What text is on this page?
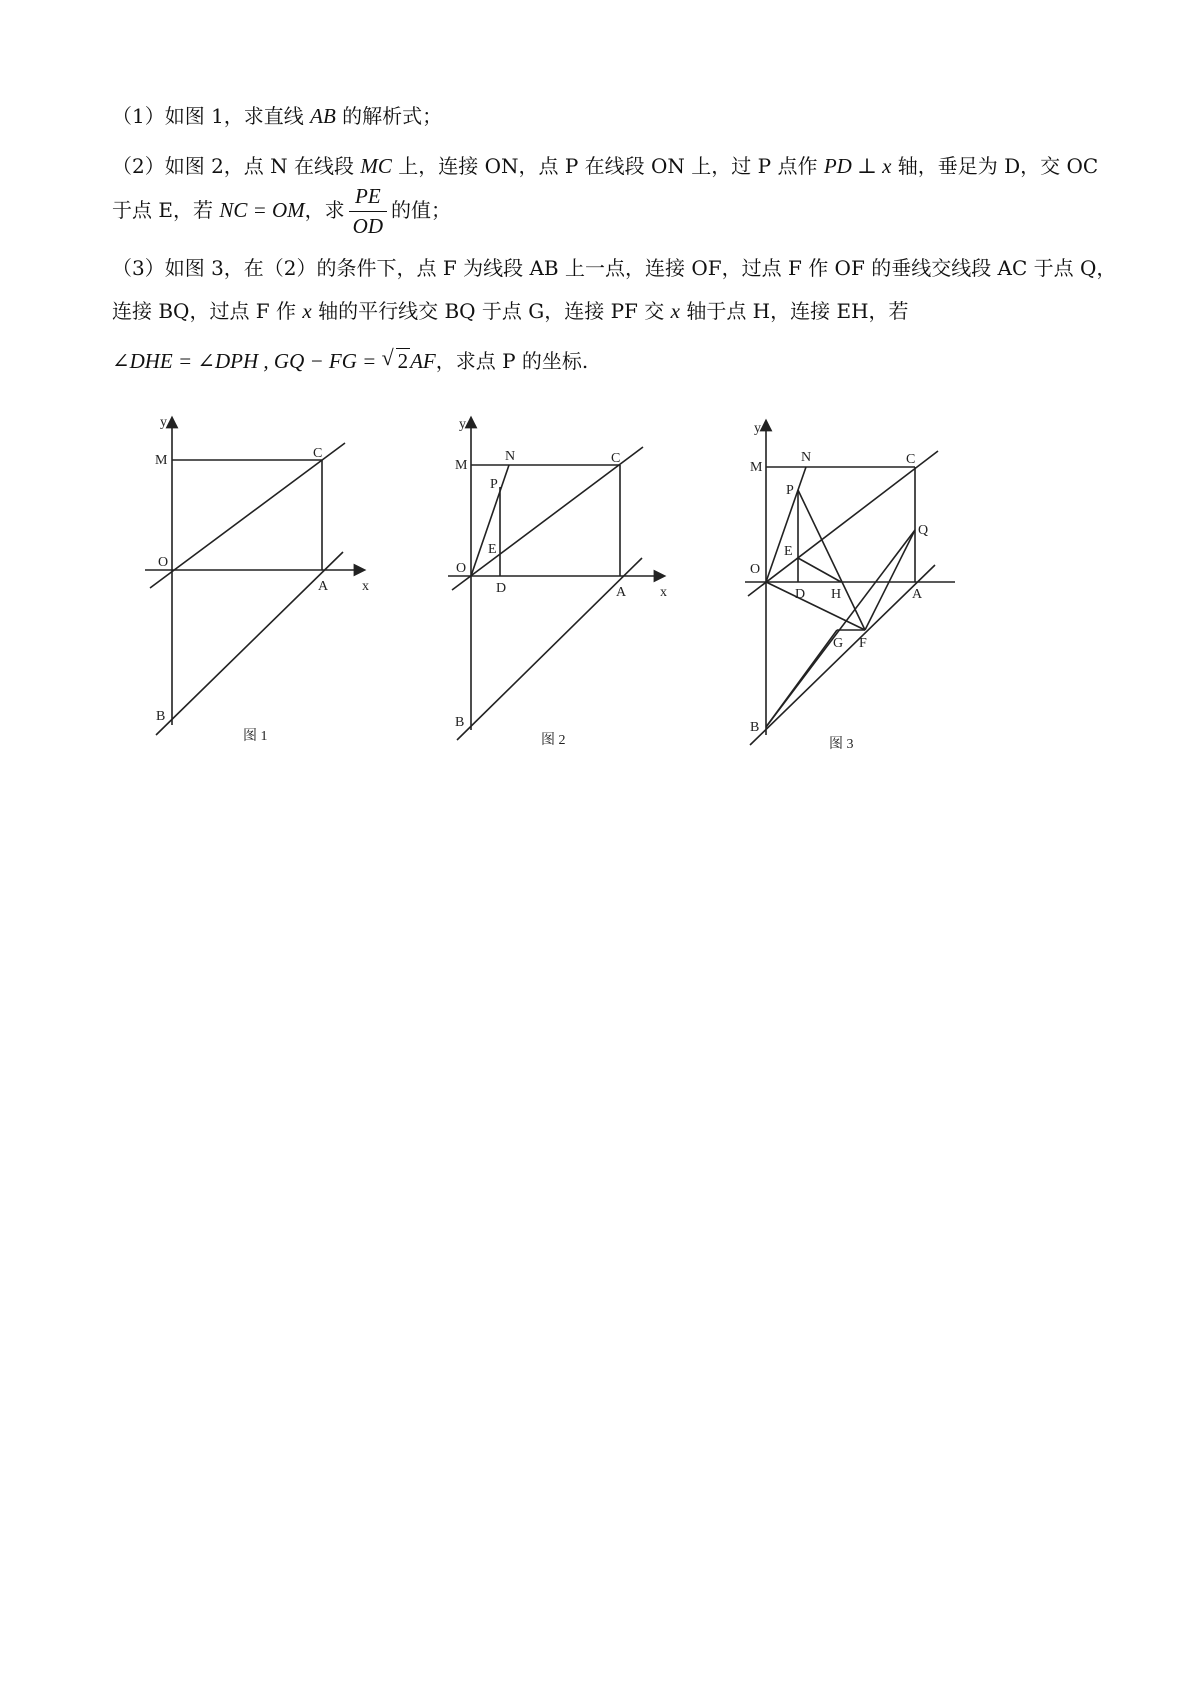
（1）如图 1，求直线 AB 的解析式；
（2）如图 2，点 N 在线段 MC 上，连接 ON，点 P 在线段 ON 上，过 P 点作 PD ⊥ x 轴，垂足为 D，交 OC
于点 E，若 NC = OM，求 $\frac{PE}{OD}$ 的值；
（3）如图 3，在（2）的条件下，点 F 为线段 AB 上一点，连接 OF，过点 F 作 OF 的垂线交线段 AC 于点 Q，
连接 BQ，过点 F 作 x 轴的平行线交 BQ 于点 G，连接 PF 交 x 轴于点 H，连接 EH，若
∠DHE = ∠DPH , GQ − FG = √ 2AF，求点 P 的坐标.
y
x
M	C
O
A
B
图 1
y
x
M
N	C
P
E
O
D	A
B
图 2
y
M
N	C
P
Q
E
O
D H	A
G F
B
图 3
